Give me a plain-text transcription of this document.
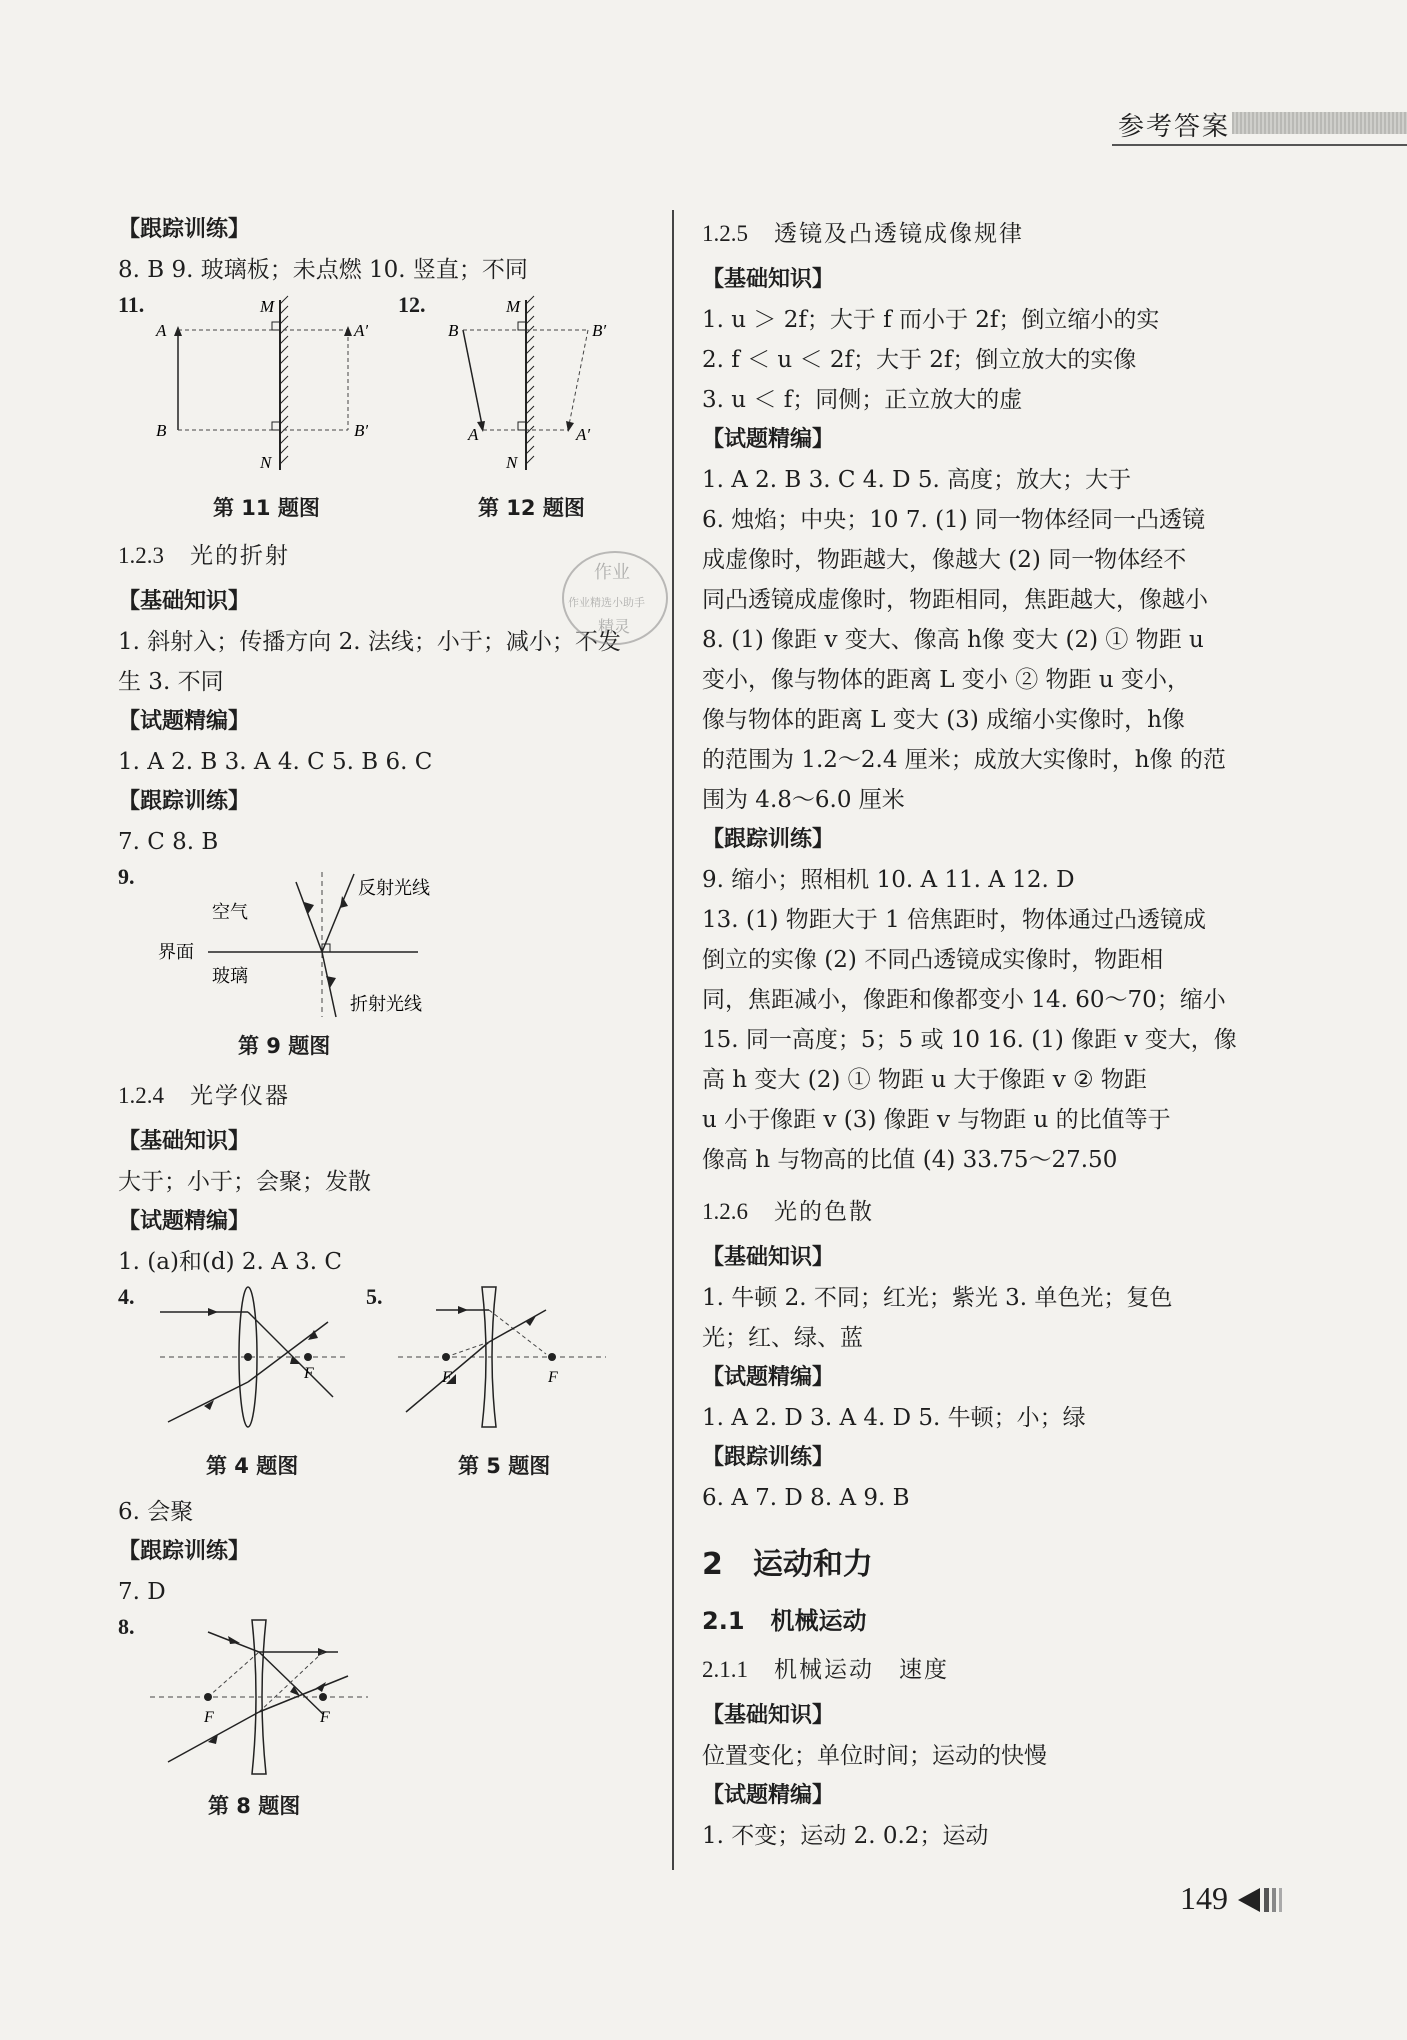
参考答案
【跟踪训练】
8. B 9. 玻璃板；未点燃 10. 竖直；不同
11.	M
A	A′
B	B′
N
第 11 题图
12.	M
B	B′
A	A′
N
第 12 题图
1.2.3 光的折射
【基础知识】
1. 斜射入；传播方向 2. 法线；小于；减小；不发
生 3. 不同
【试题精编】
1. A 2. B 3. A 4. C 5. B 6. C
【跟踪训练】
7. C 8. B
9.
空气
反射光线
界面
玻璃
折射光线
第 9 题图
1.2.4 光学仪器
【基础知识】
大于；小于；会聚；发散
【试题精编】
1. (a)和(d) 2. A 3. C
4.
F
第 4 题图
5.
F	F
第 5 题图
6. 会聚
【跟踪训练】
7. D
8.
F	F
第 8 题图
1.2.5 透镜及凸透镜成像规律
【基础知识】
1. u ＞ 2f；大于 f 而小于 2f；倒立缩小的实
2. f ＜ u ＜ 2f；大于 2f；倒立放大的实像
3. u ＜ f；同侧；正立放大的虚
【试题精编】
1. A 2. B 3. C 4. D 5. 高度；放大；大于
6. 烛焰；中央；10 7. (1) 同一物体经同一凸透镜
成虚像时，物距越大，像越大 (2) 同一物体经不
同凸透镜成虚像时，物距相同，焦距越大，像越小
8. (1) 像距 v 变大、像高 h像 变大 (2) ① 物距 u
变小，像与物体的距离 L 变小 ② 物距 u 变小，
像与物体的距离 L 变大 (3) 成缩小实像时，h像
的范围为 1.2～2.4 厘米；成放大实像时，h像 的范
围为 4.8～6.0 厘米
【跟踪训练】
9. 缩小；照相机 10. A 11. A 12. D
13. (1) 物距大于 1 倍焦距时，物体通过凸透镜成
倒立的实像 (2) 不同凸透镜成实像时，物距相
同，焦距减小，像距和像都变小 14. 60～70；缩小
15. 同一高度；5；5 或 10 16. (1) 像距 v 变大，像
高 h 变大 (2) ① 物距 u 大于像距 v ② 物距
u 小于像距 v (3) 像距 v 与物距 u 的比值等于
像高 h 与物高的比值 (4) 33.75～27.50
1.2.6 光的色散
【基础知识】
1. 牛顿 2. 不同；红光；紫光 3. 单色光；复色
光；红、绿、蓝
【试题精编】
1. A 2. D 3. A 4. D 5. 牛顿；小；绿
【跟踪训练】
6. A 7. D 8. A 9. B
2 运动和力
2.1 机械运动
2.1.1 机械运动　速度
【基础知识】
位置变化；单位时间；运动的快慢
【试题精编】
1. 不变；运动 2. 0.2；运动
作业
作业精选小助手
精灵
149
